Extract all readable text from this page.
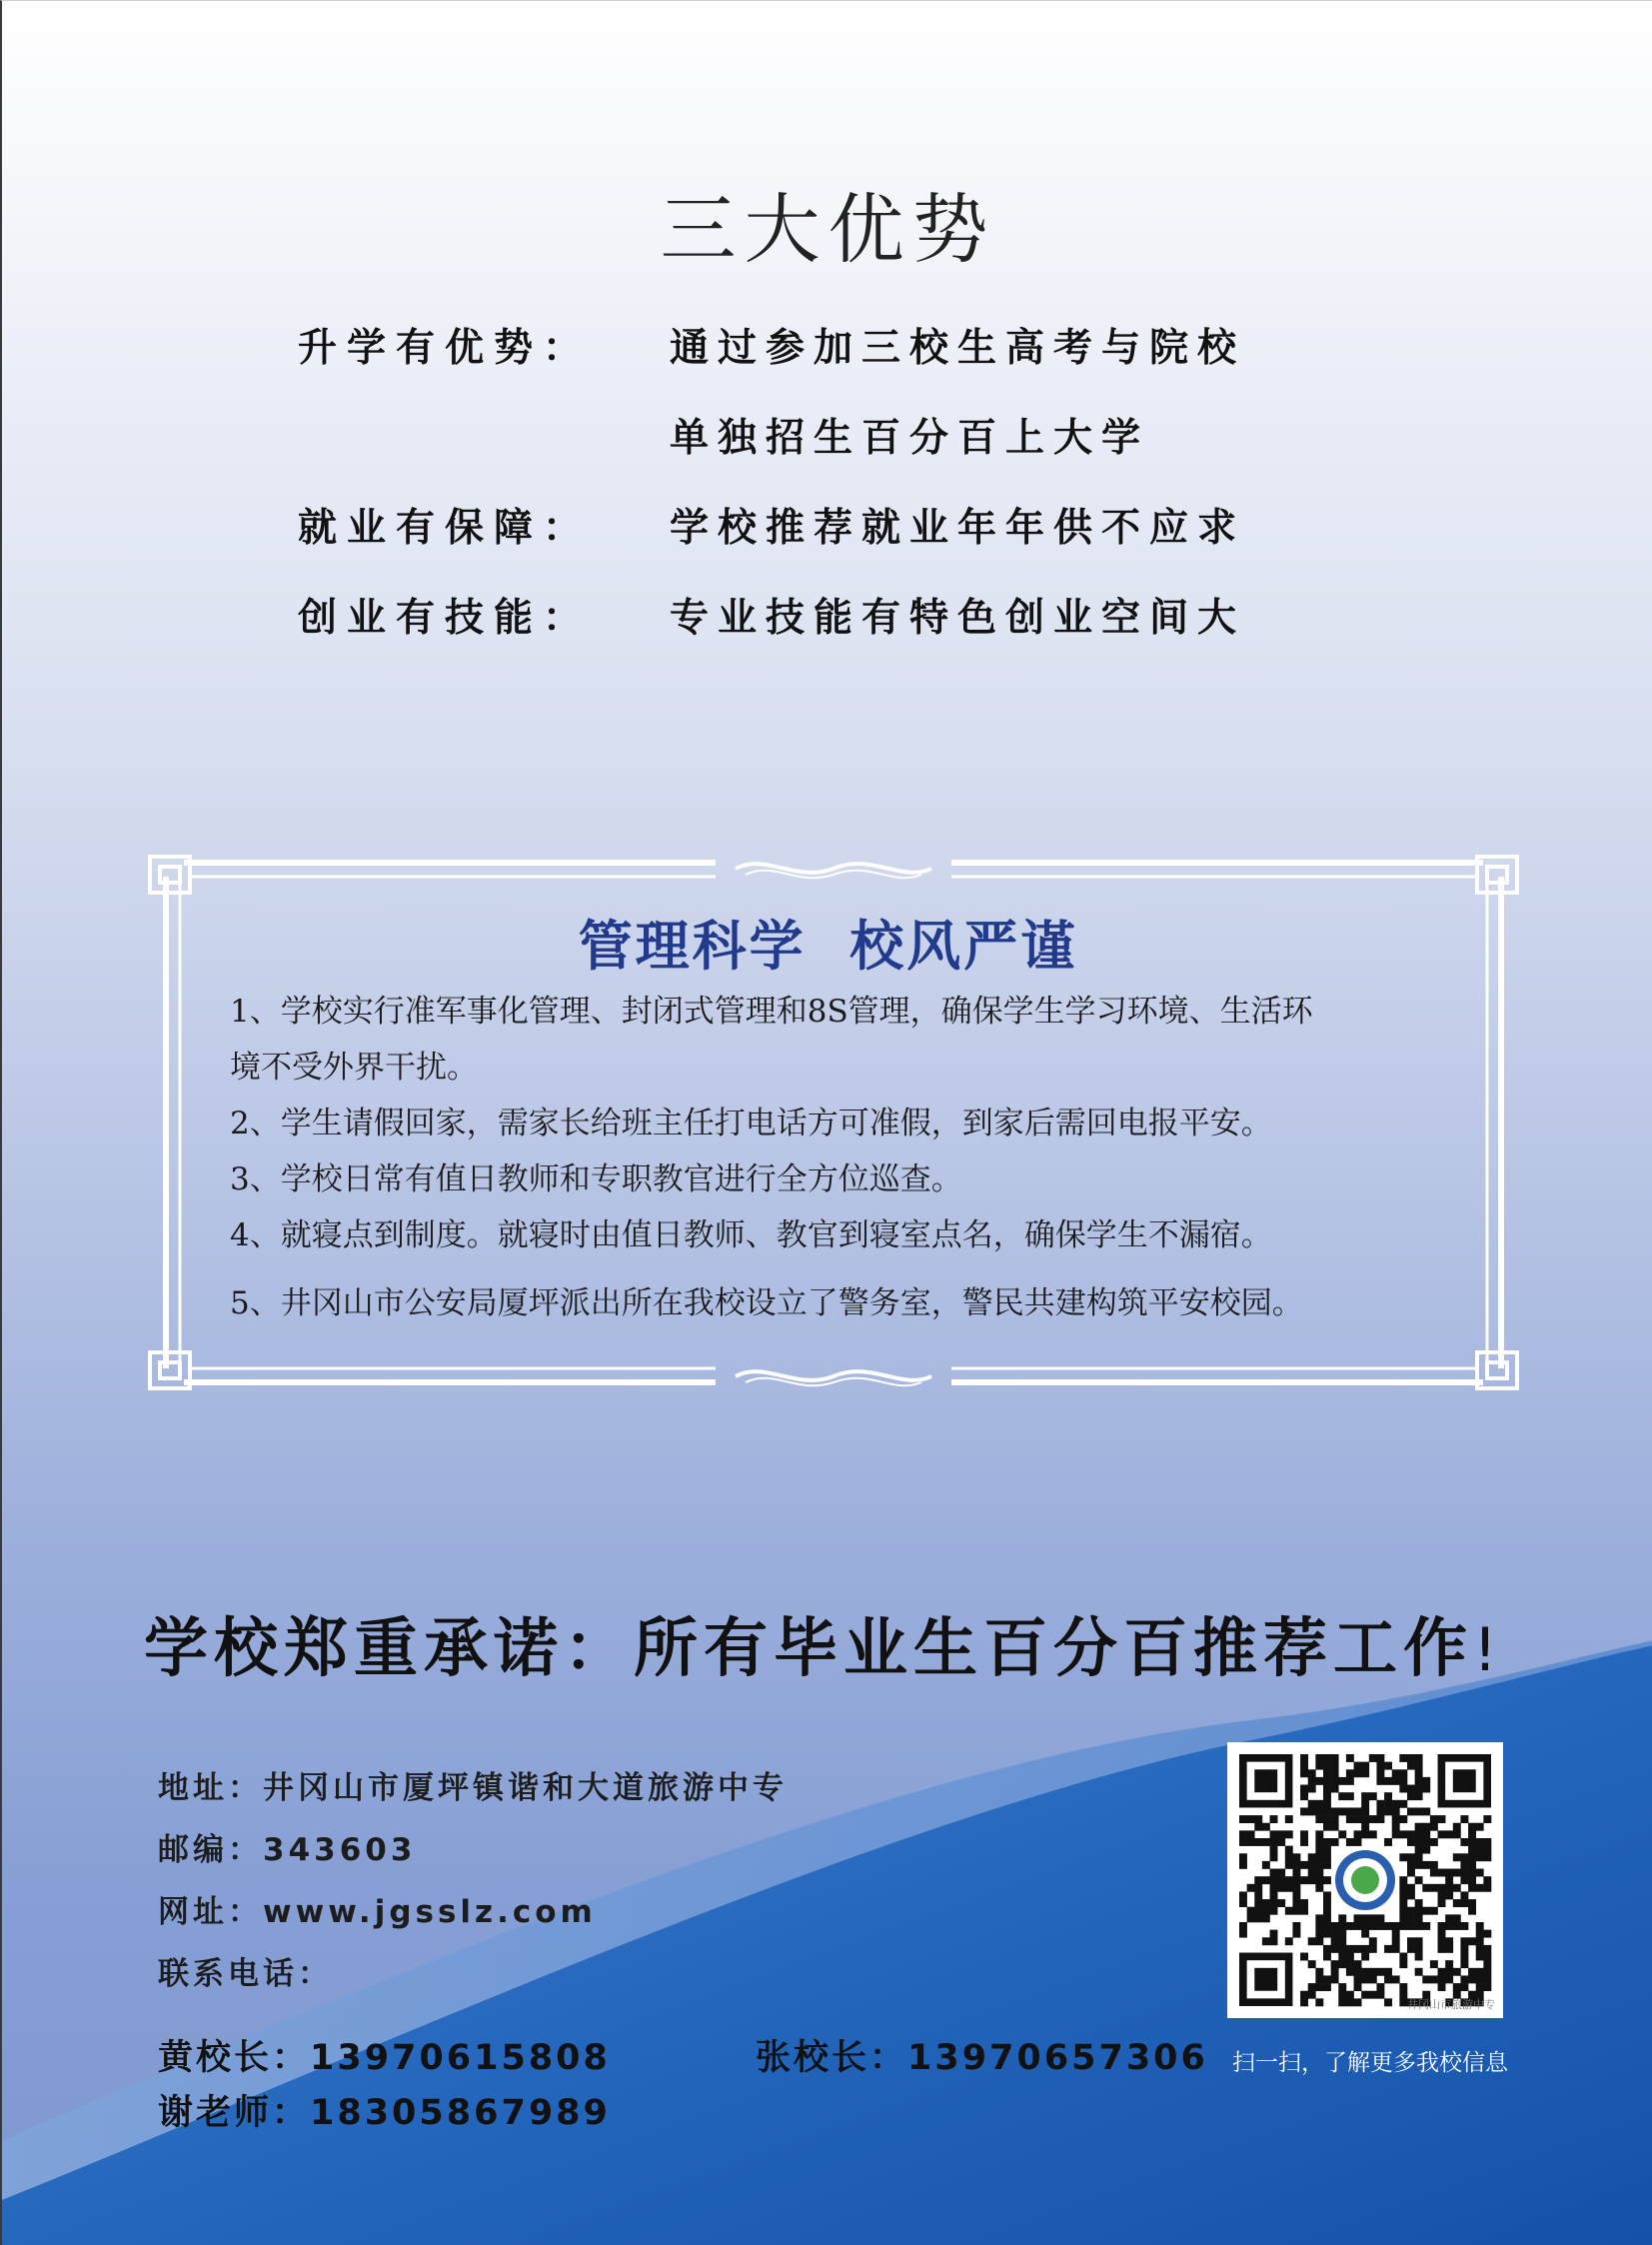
三大优势
升学有优势：	通过参加三校生高考与院校
单独招生百分百上大学
就业有保障：	学校推荐就业年年供不应求
创业有技能：	专业技能有特色创业空间大
管理科学  校风严谨
1、学校实行准军事化管理、封闭式管理和8S管理，确保学生学习环境、生活环
境不受外界干扰。
2、学生请假回家，需家长给班主任打电话方可准假，到家后需回电报平安。
3、学校日常有值日教师和专职教官进行全方位巡查。
4、就寝点到制度。就寝时由值日教师、教官到寝室点名，确保学生不漏宿。
5、井冈山市公安局厦坪派出所在我校设立了警务室，警民共建构筑平安校园。
学校郑重承诺：所有毕业生百分百推荐工作!
地址：井冈山市厦坪镇谐和大道旅游中专
邮编：343603
网址：www.jgsslz.com
联系电话：
黄校长：13970615808	张校长：13970657306
谢老师：18305867989
井冈山市旅游中专
扫一扫，了解更多我校信息
